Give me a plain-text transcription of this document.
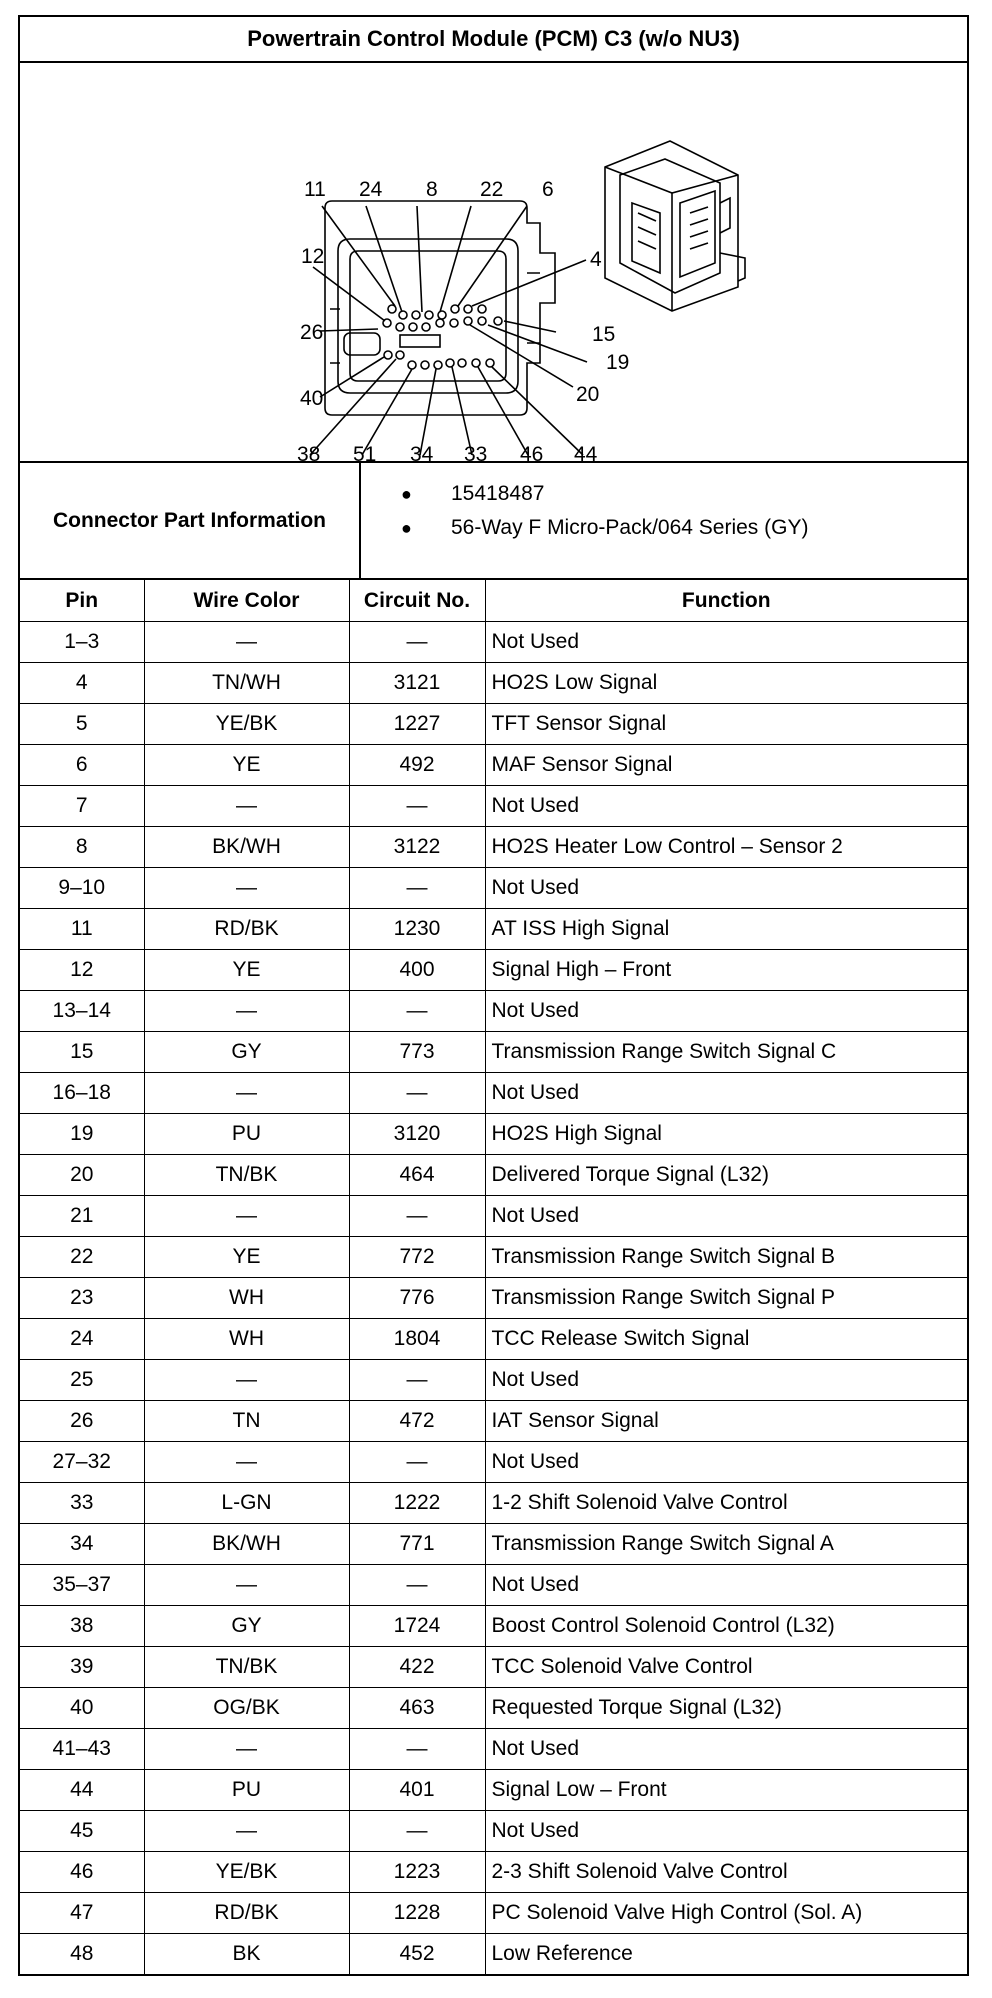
Powertrain Control Module (PCM) C3 (w/o NU3)
11 24 8 22 6
12
26
40
4
15
19
20
38 51 34 33 46 44
Connector Part Information
●	15418487
●	56-Way F Micro-Pack/064 Series (GY)
Pin	Wire Color	Circuit No.	Function
1–3	—	—	Not Used
4	TN/WH	3121	HO2S Low Signal
5	YE/BK	1227	TFT Sensor Signal
6	YE	492	MAF Sensor Signal
7	—	—	Not Used
8	BK/WH	3122	HO2S Heater Low Control – Sensor 2
9–10	—	—	Not Used
11	RD/BK	1230	AT ISS High Signal
12	YE	400	Signal High – Front
13–14	—	—	Not Used
15	GY	773	Transmission Range Switch Signal C
16–18	—	—	Not Used
19	PU	3120	HO2S High Signal
20	TN/BK	464	Delivered Torque Signal (L32)
21	—	—	Not Used
22	YE	772	Transmission Range Switch Signal B
23	WH	776	Transmission Range Switch Signal P
24	WH	1804	TCC Release Switch Signal
25	—	—	Not Used
26	TN	472	IAT Sensor Signal
27–32	—	—	Not Used
33	L-GN	1222	1-2 Shift Solenoid Valve Control
34	BK/WH	771	Transmission Range Switch Signal A
35–37	—	—	Not Used
38	GY	1724	Boost Control Solenoid Control (L32)
39	TN/BK	422	TCC Solenoid Valve Control
40	OG/BK	463	Requested Torque Signal (L32)
41–43	—	—	Not Used
44	PU	401	Signal Low – Front
45	—	—	Not Used
46	YE/BK	1223	2-3 Shift Solenoid Valve Control
47	RD/BK	1228	PC Solenoid Valve High Control (Sol. A)
48	BK	452	Low Reference
